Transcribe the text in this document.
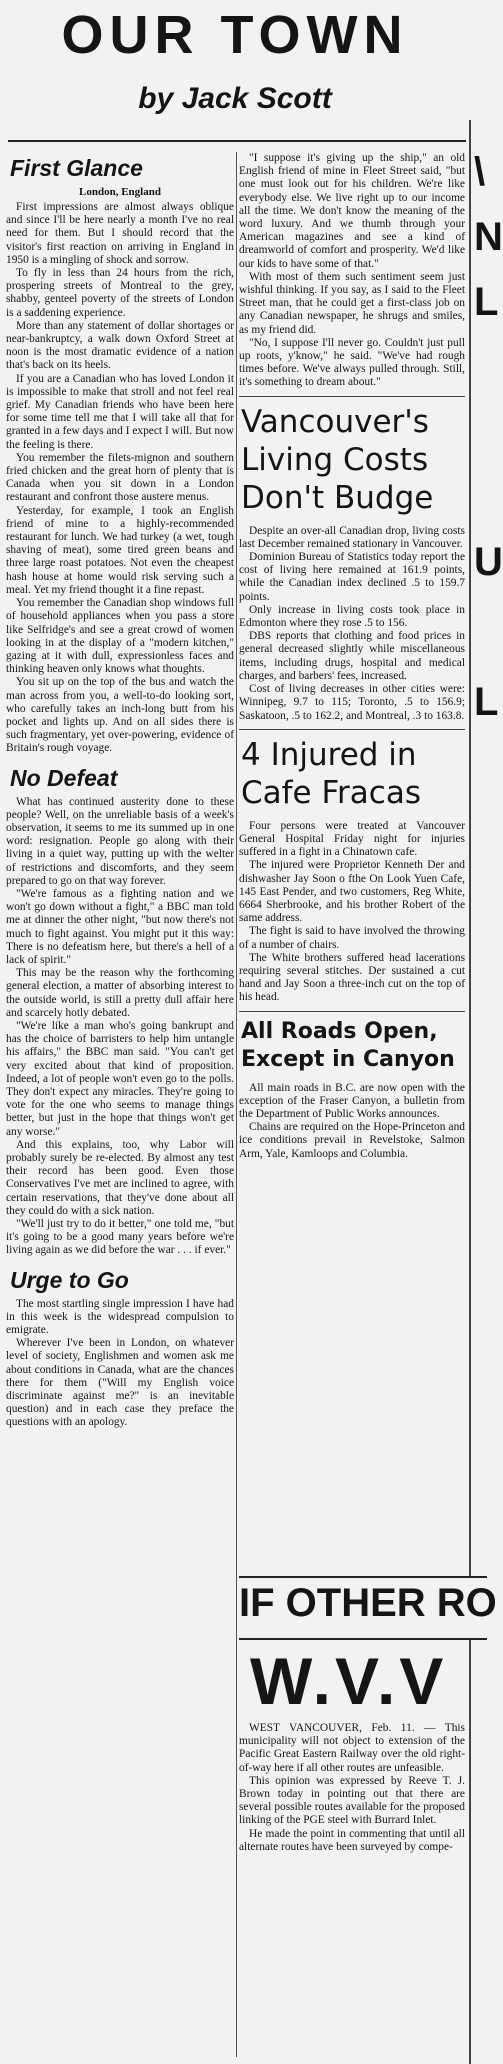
OUR TOWN
by Jack Scott
First Glance
London, England

First impressions are almost always oblique and since I'll be here nearly a month I've no real need for them. But I should record that the visitor's first reaction on arriving in England in 1950 is a mingling of shock and sorrow.

To fly in less than 24 hours from the rich, prospering streets of Montreal to the grey, shabby, genteel poverty of the streets of London is a saddening experience.

More than any statement of dollar shortages or near-bankruptcy, a walk down Oxford Street at noon is the most dramatic evidence of a nation that's back on its heels.

If you are a Canadian who has loved London it is impossible to make that stroll and not feel real grief. My Canadian friends who have been here for some time tell me that I will take all that for granted in a few days and I expect I will. But now the feeling is there.

You remember the filets-mignon and southern fried chicken and the great horn of plenty that is Canada when you sit down in a London restaurant and confront those austere menus.

Yesterday, for example, I took an English friend of mine to a highly-recommended restaurant for lunch. We had turkey (a wet, tough shaving of meat), some tired green beans and three large roast potatoes. Not even the cheapest hash house at home would risk serving such a meal. Yet my friend thought it a fine repast.

You remember the Canadian shop windows full of household appliances when you pass a store like Selfridge's and see a great crowd of women looking in at the display of a "modern kitchen," gazing at it with dull, expressionless faces and thinking heaven only knows what thoughts.

You sit up on the top of the bus and watch the man across from you, a well-to-do looking sort, who carefully takes an inch-long butt from his pocket and lights up. And on all sides there is such fragmentary, yet over-powering, evidence of Britain's rough voyage.

No Defeat

What has continued austerity done to these people? Well, on the unreliable basis of a week's observation, it seems to me its summed up in one word: resignation. People go along with their living in a quiet way, putting up with the welter of restrictions and discomforts, and they seem prepared to go on that way forever.

"We're famous as a fighting nation and we won't go down without a fight," a BBC man told me at dinner the other night, "but now there's not much to fight against. You might put it this way: There is no defeatism here, but there's a hell of a lack of spirit."

This may be the reason why the forthcoming general election, a matter of absorbing interest to the outside world, is still a pretty dull affair here and scarcely hotly debated.

"We're like a man who's going bankrupt and has the choice of barristers to help him untangle his affairs," the BBC man said. "You can't get very excited about that kind of proposition. Indeed, a lot of people won't even go to the polls. They don't expect any miracles. They're going to vote for the one who seems to manage things better, but just in the hope that things won't get any worse."

And this explains, too, why Labor will probably surely be re-elected. By almost any test their record has been good. Even those Conservatives I've met are inclined to agree, with certain reservations, that they've done about all they could do with a sick nation.

"We'll just try to do it better," one told me, "but it's going to be a good many years before we're living again as we did before the war . . . if ever."

Urge to Go

The most startling single impression I have had in this week is the widespread compulsion to emigrate.

Wherever I've been in London, on whatever level of society, Englishmen and women ask me about conditions in Canada, what are the chances there for them ("Will my English voice discriminate against me?" is an inevitable question) and in each case they preface the questions with an apology.

"I suppose it's giving up the ship," an old English friend of mine in Fleet Street said, "but one must look out for his children. We're like everybody else. We live right up to our income all the time. We don't know the meaning of the word luxury. And we thumb through your American magazines and see a kind of dreamworld of comfort and prosperity. We'd like our kids to have some of that."

With most of them such sentiment seem just wishful thinking. If you say, as I said to the Fleet Street man, that he could get a first-class job on any Canadian newspaper, he shrugs and smiles, as my friend did.

"No, I suppose I'll never go. Couldn't just pull up roots, y'know," he said. "We've had rough times before. We've always pulled through. Still, it's something to dream about."

Vancouver's Living Costs Don't Budge

Despite an over-all Canadian drop, living costs last December remained stationary in Vancouver.

Dominion Bureau of Statistics today report the cost of living here remained at 161.9 points, while the Canadian index declined .5 to 159.7 points.

Only increase in living costs took place in Edmonton where they rose .5 to 156.

DBS reports that clothing and food prices in general decreased slightly while miscellaneous items, including drugs, hospital and medical charges, and barbers' fees, increased.

Cost of living decreases in other cities were: Winnipeg, 9.7 to 115; Toronto, .5 to 156.9; Saskatoon, .5 to 162.2, and Montreal, .3 to 163.8.

4 Injured in Cafe Fracas

Four persons were treated at Vancouver General Hospital Friday night for injuries suffered in a fight in a Chinatown cafe.

The injured were Proprietor Kenneth Der and dishwasher Jay Soon o fthe On Look Yuen Cafe, 145 East Pender, and two customers, Reg White, 6664 Sherbrooke, and his brother Robert of the same address.

The fight is said to have involved the throwing of a number of chairs.

The White brothers suffered head lacerations requiring several stitches. Der sustained a cut hand and Jay Soon a three-inch cut on the top of his head.

All Roads Open, Except in Canyon

All main roads in B.C. are now open with the exception of the Fraser Canyon, a bulletin from the Department of Public Works announces.

Chains are required on the Hope-Princeton and ice conditions prevail in Revelstoke, Salmon Arm, Yale, Kamloops and Columbia.

IF OTHER RO
W.V.V

WEST VANCOUVER, Feb. 11. — This municipality will not object to extension of the Pacific Great Eastern Railway over the old right-of-way here if all other routes are unfeasible.

This opinion was expressed by Reeve T. J. Brown today in pointing out that there are several possible routes available for the proposed linking of the PGE steel with Burrard Inlet.

He made the point in commenting that until all alternate routes have been surveyed by compe-

\
N
L
U
L
